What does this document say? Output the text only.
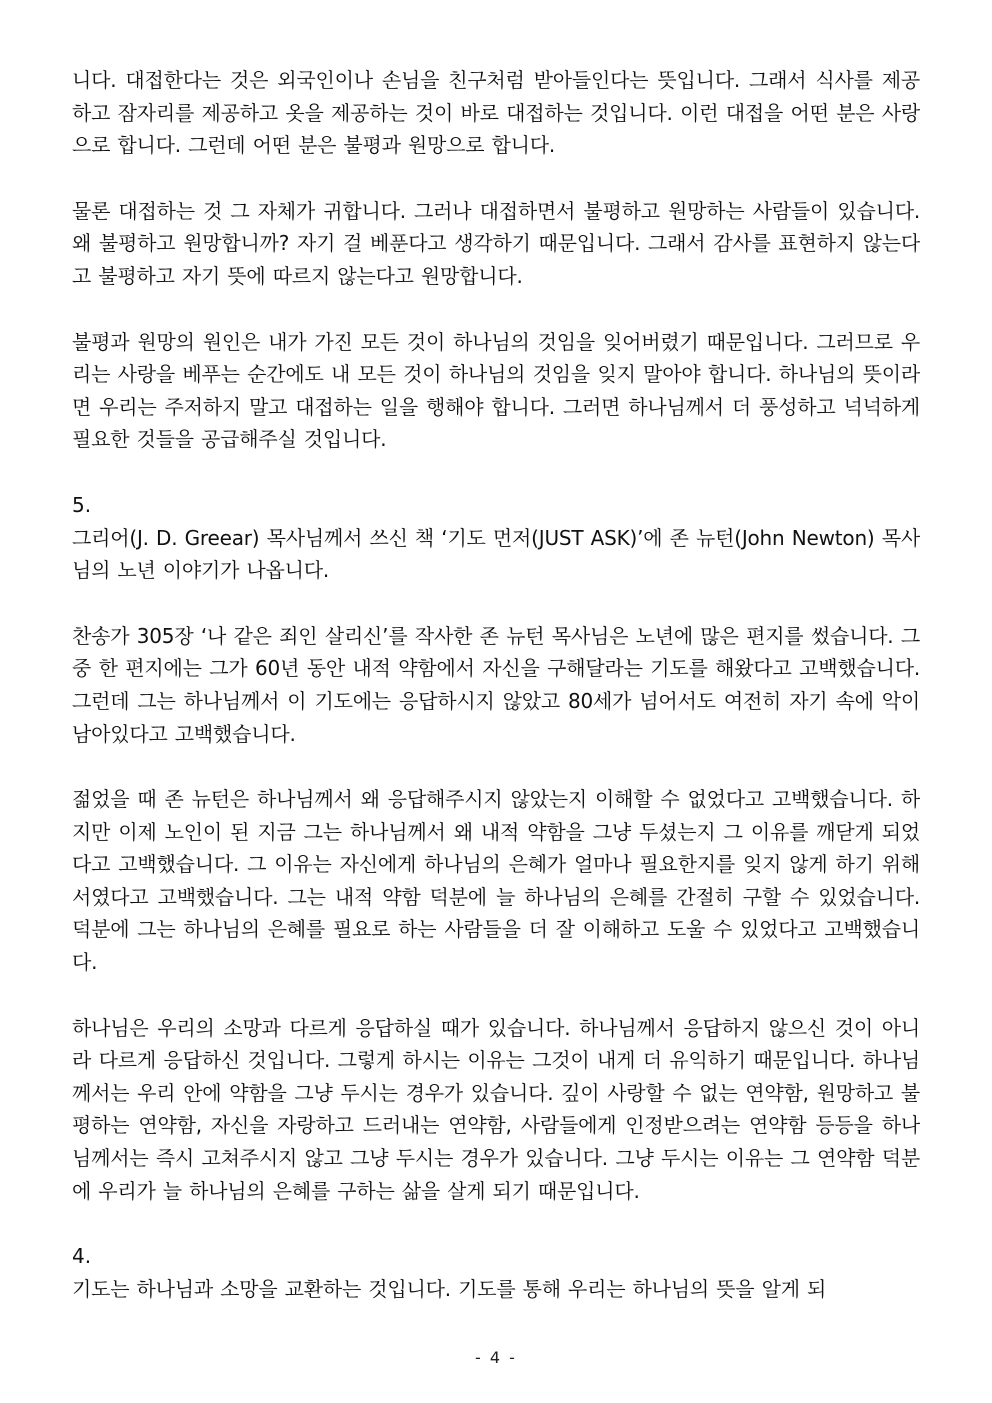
니다. 대접한다는 것은 외국인이나 손님을 친구처럼 받아들인다는 뜻입니다. 그래서 식사를 제공하고 잠자리를 제공하고 옷을 제공하는 것이 바로 대접하는 것입니다. 이런 대접을 어떤 분은 사랑으로 합니다. 그런데 어떤 분은 불평과 원망으로 합니다.

물론 대접하는 것 그 자체가 귀합니다. 그러나 대접하면서 불평하고 원망하는 사람들이 있습니다. 왜 불평하고 원망합니까? 자기 걸 베푼다고 생각하기 때문입니다. 그래서 감사를 표현하지 않는다고 불평하고 자기 뜻에 따르지 않는다고 원망합니다.

불평과 원망의 원인은 내가 가진 모든 것이 하나님의 것임을 잊어버렸기 때문입니다. 그러므로 우리는 사랑을 베푸는 순간에도 내 모든 것이 하나님의 것임을 잊지 말아야 합니다. 하나님의 뜻이라면 우리는 주저하지 말고 대접하는 일을 행해야 합니다. 그러면 하나님께서 더 풍성하고 넉넉하게 필요한 것들을 공급해주실 것입니다.

5.

그리어(J. D. Greear) 목사님께서 쓰신 책 ‘기도 먼저(JUST ASK)’에 존 뉴턴(John Newton) 목사님의 노년 이야기가 나옵니다.

찬송가 305장 ‘나 같은 죄인 살리신’를 작사한 존 뉴턴 목사님은 노년에 많은 편지를 썼습니다. 그중 한 편지에는 그가 60년 동안 내적 약함에서 자신을 구해달라는 기도를 해왔다고 고백했습니다. 그런데 그는 하나님께서 이 기도에는 응답하시지 않았고 80세가 넘어서도 여전히 자기 속에 악이 남아있다고 고백했습니다.

젊었을 때 존 뉴턴은 하나님께서 왜 응답해주시지 않았는지 이해할 수 없었다고 고백했습니다. 하지만 이제 노인이 된 지금 그는 하나님께서 왜 내적 약함을 그냥 두셨는지 그 이유를 깨닫게 되었다고 고백했습니다. 그 이유는 자신에게 하나님의 은혜가 얼마나 필요한지를 잊지 않게 하기 위해서였다고 고백했습니다. 그는 내적 약함 덕분에 늘 하나님의 은혜를 간절히 구할 수 있었습니다. 덕분에 그는 하나님의 은혜를 필요로 하는 사람들을 더 잘 이해하고 도울 수 있었다고 고백했습니다.

하나님은 우리의 소망과 다르게 응답하실 때가 있습니다. 하나님께서 응답하지 않으신 것이 아니라 다르게 응답하신 것입니다. 그렇게 하시는 이유는 그것이 내게 더 유익하기 때문입니다. 하나님께서는 우리 안에 약함을 그냥 두시는 경우가 있습니다. 깊이 사랑할 수 없는 연약함, 원망하고 불평하는 연약함, 자신을 자랑하고 드러내는 연약함, 사람들에게 인정받으려는 연약함 등등을 하나님께서는 즉시 고쳐주시지 않고 그냥 두시는 경우가 있습니다. 그냥 두시는 이유는 그 연약함 덕분에 우리가 늘 하나님의 은혜를 구하는 삶을 살게 되기 때문입니다.

4.

기도는 하나님과 소망을 교환하는 것입니다. 기도를 통해 우리는 하나님의 뜻을 알게 되

- 4 -
